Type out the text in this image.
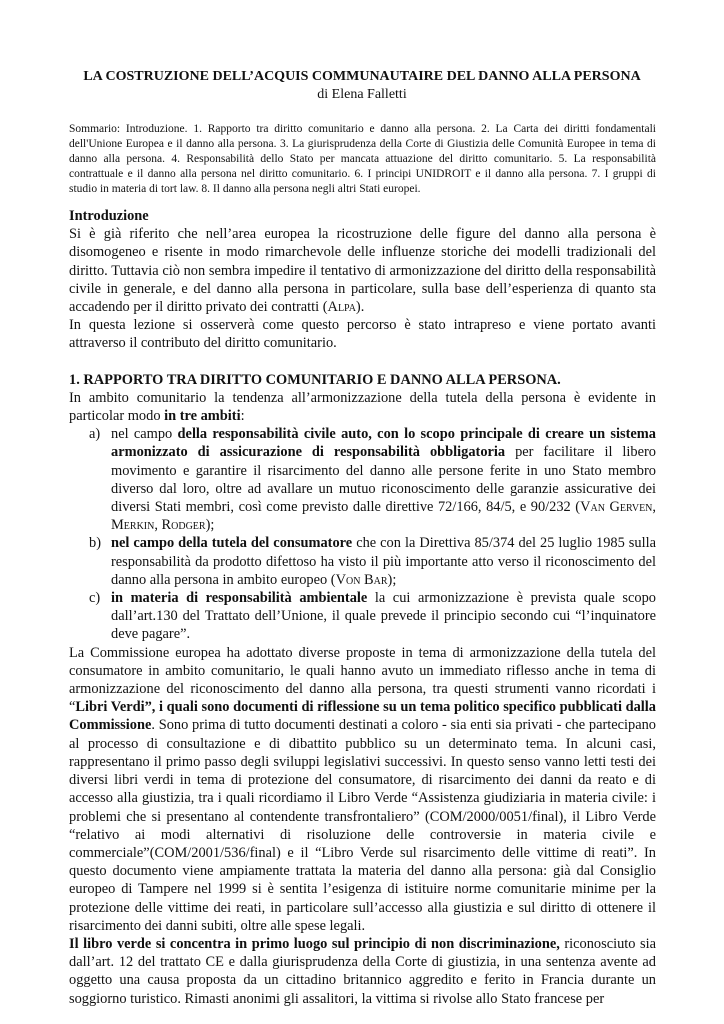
LA COSTRUZIONE DELL’ACQUIS COMMUNAUTAIRE DEL DANNO ALLA PERSONA
di Elena Falletti
Sommario: Introduzione. 1. Rapporto tra diritto comunitario e danno alla persona. 2. La Carta dei diritti fondamentali dell'Unione Europea e il danno alla persona. 3. La giurisprudenza della Corte di Giustizia delle Comunità Europee in tema di danno alla persona. 4. Responsabilità dello Stato per mancata attuazione del diritto comunitario. 5. La responsabilità contrattuale e il danno alla persona nel diritto comunitario. 6. I principi UNIDROIT e il danno alla persona. 7. I gruppi di studio in materia di tort law. 8. Il danno alla persona negli altri Stati europei.

Introduzione

Si è già riferito che nell’area europea la ricostruzione delle figure del danno alla persona è disomogeneo e risente in modo rimarchevole delle influenze storiche dei modelli tradizionali del diritto. Tuttavia ciò non sembra impedire il tentativo di armonizzazione del diritto della responsabilità civile in generale, e del danno alla persona in particolare, sulla base dell’esperienza di quanto sta accadendo per il diritto privato dei contratti (Alpa).

In questa lezione si osserverà come questo percorso è stato intrapreso e viene portato avanti attraverso il contributo del diritto comunitario.

1. RAPPORTO TRA DIRITTO COMUNITARIO E DANNO ALLA PERSONA.

In ambito comunitario la tendenza all’armonizzazione della tutela della persona è evidente in particolar modo in tre ambiti:

a) nel campo della responsabilità civile auto, con lo scopo principale di creare un sistema armonizzato di assicurazione di responsabilità obbligatoria per facilitare il libero movimento e garantire il risarcimento del danno alle persone ferite in uno Stato membro diverso dal loro, oltre ad avallare un mutuo riconoscimento delle garanzie assicurative dei diversi Stati membri, così come previsto dalle direttive 72/166, 84/5, e 90/232 (Van Gerven, Merkin, Rodger);
b) nel campo della tutela del consumatore che con la Direttiva 85/374 del 25 luglio 1985 sulla responsabilità da prodotto difettoso ha visto il più importante atto verso il riconoscimento del danno alla persona in ambito europeo (Von Bar);
c) in materia di responsabilità ambientale la cui armonizzazione è prevista quale scopo dall’art.130 del Trattato dell’Unione, il quale prevede il principio secondo cui “l’inquinatore deve pagare”.

La Commissione europea ha adottato diverse proposte in tema di armonizzazione della tutela del consumatore in ambito comunitario, le quali hanno avuto un immediato riflesso anche in tema di armonizzazione del riconoscimento del danno alla persona, tra questi strumenti vanno ricordati i “Libri Verdi”, i quali sono documenti di riflessione su un tema politico specifico pubblicati dalla Commissione. Sono prima di tutto documenti destinati a coloro - sia enti sia privati - che partecipano al processo di consultazione e di dibattito pubblico su un determinato tema. In alcuni casi, rappresentano il primo passo degli sviluppi legislativi successivi. In questo senso vanno letti testi dei diversi libri verdi in tema di protezione del consumatore, di risarcimento dei danni da reato e di accesso alla giustizia, tra i quali ricordiamo il Libro Verde “Assistenza giudiziaria in materia civile: i problemi che si presentano al contendente transfrontaliero” (COM/2000/0051/final), il Libro Verde “relativo ai modi alternativi di risoluzione delle controversie in materia civile e commerciale”(COM/2001/536/final) e il “Libro Verde sul risarcimento delle vittime di reati”. In questo documento viene ampiamente trattata la materia del danno alla persona: già dal Consiglio europeo di Tampere nel 1999 si è sentita l’esigenza di istituire norme comunitarie minime per la protezione delle vittime dei reati, in particolare sull’accesso alla giustizia e sul diritto di ottenere il risarcimento dei danni subiti, oltre alle spese legali.

Il libro verde si concentra in primo luogo sul principio di non discriminazione, riconosciuto sia dall’art. 12 del trattato CE e dalla giurisprudenza della Corte di giustizia, in una sentenza avente ad oggetto una causa proposta da un cittadino britannico aggredito e ferito in Francia durante un soggiorno turistico. Rimasti anonimi gli assalitori, la vittima si rivolse allo Stato francese per
